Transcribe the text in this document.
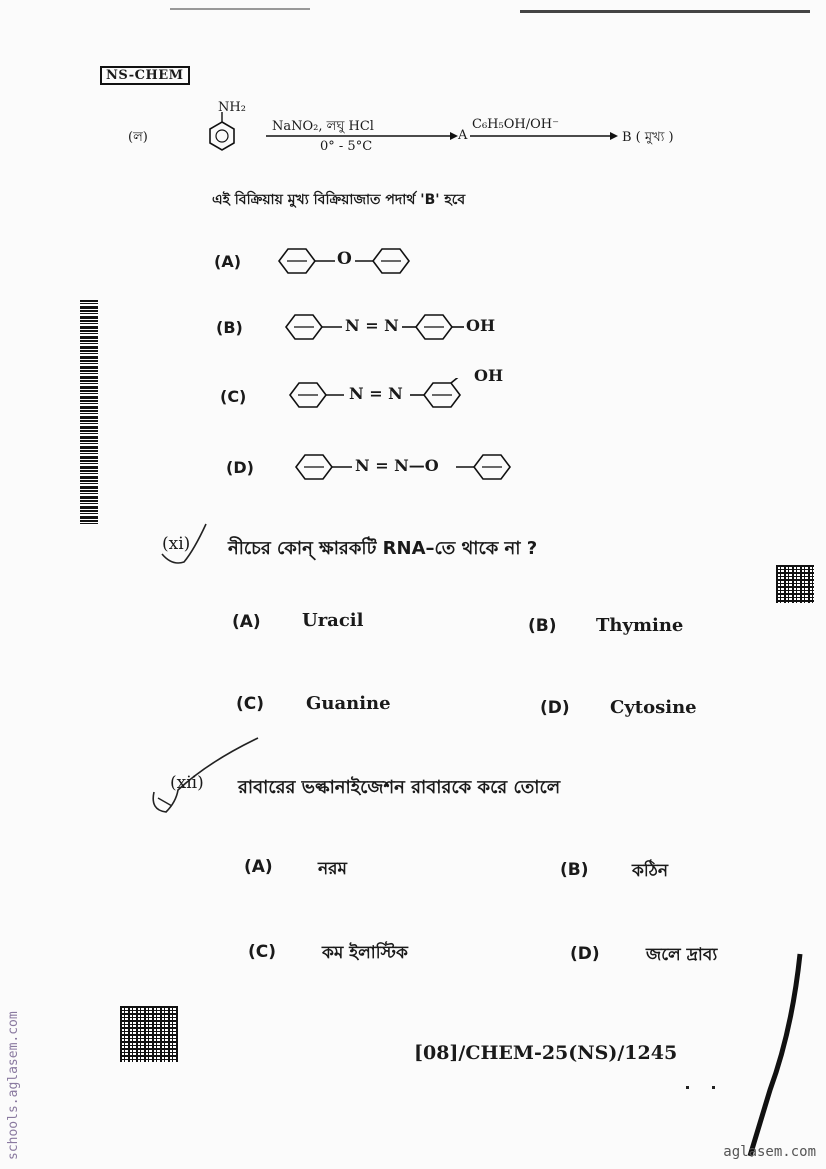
NS-CHEM
(ল)
NH₂
NaNO₂, লঘু HCl
0° - 5°C
A
C₆H₅OH/OH⁻
B ( মুখ্য )
এই বিক্রিয়ায় মুখ্য বিক্রিয়াজাত পদার্থ 'B' হবে
(A)	O
(B)	N = N	OH
(C)	N = N
OH
(D)	N = N—O
(xi) নীচের কোন্ ক্ষারকটি RNA–তে থাকে না ?
(A) Uracil	(B) Thymine
(C) Guanine	(D) Cytosine
(xii) রাবারের ভল্কানাইজেশন রাবারকে করে তোলে
(A)	নরম	(B)	কঠিন
(C)	কম ইলাস্টিক	(D)	জলে দ্রাব্য
[08]/CHEM-25(NS)/1245
schools.aglasem.com	aglasem.com
